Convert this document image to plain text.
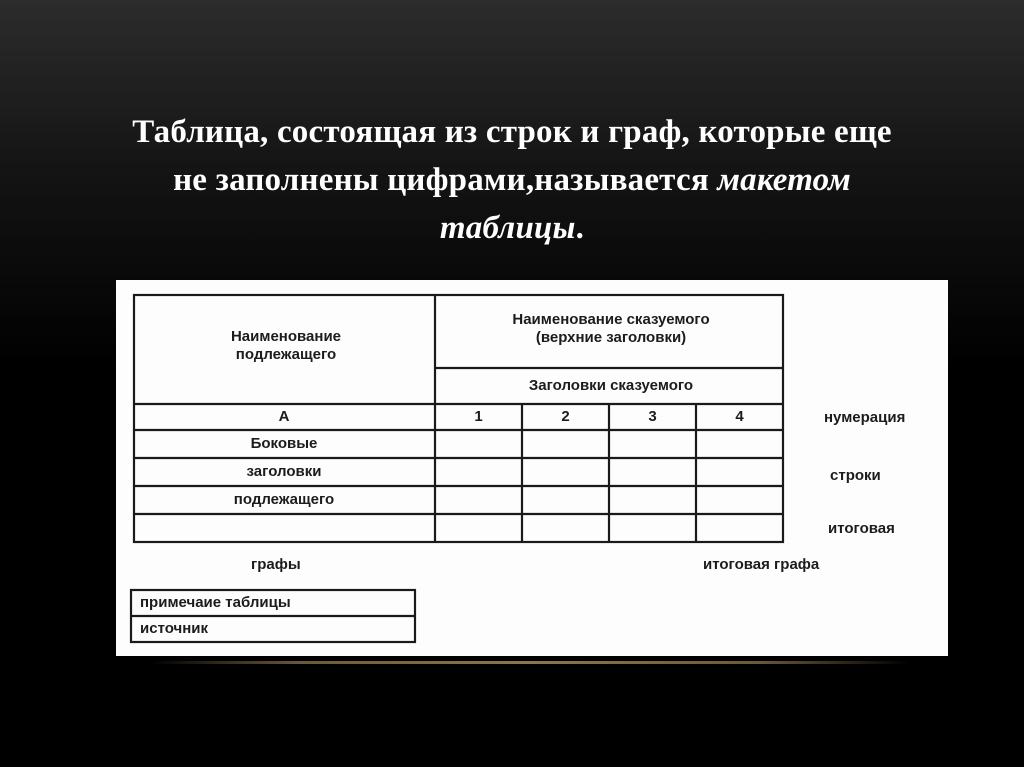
Таблица, состоящая из строк и граф, которые еще
не заполнены цифрами,называется макетом
таблицы.
Наименование
подлежащего
Наименование сказуемого
(верхние заголовки)
Заголовки сказуемого
А	1	2	3	4
Боковые
заголовки
подлежащего
нумерация
строки
итоговая
графы	итоговая графа
примечаие таблицы
источник
